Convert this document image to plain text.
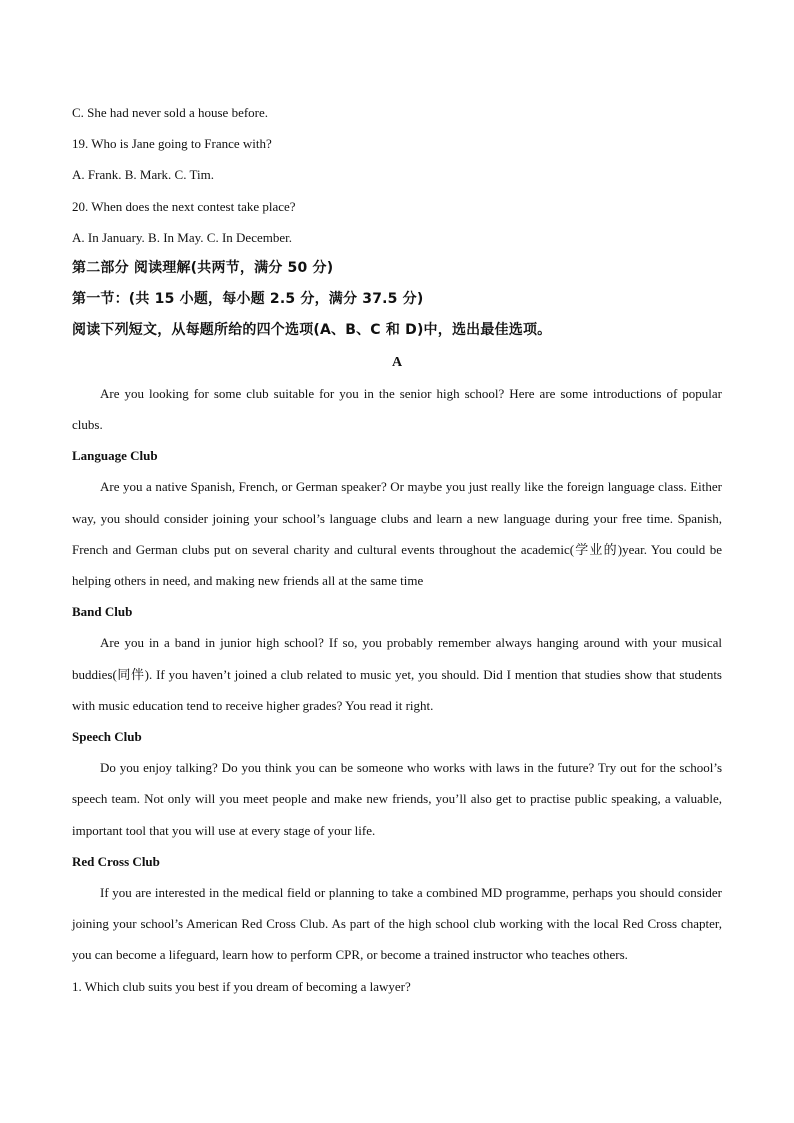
C. She had never sold a house before.

19. Who is Jane going to France with?

A. Frank. B. Mark. C. Tim.

20. When does the next contest take place?

A. In January. B. In May. C. In December.

第二部分 阅读理解(共两节，满分 50 分)

第一节：(共 15 小题，每小题 2.5 分，满分 37.5 分)

阅读下列短文，从每题所给的四个选项(A、B、C 和 D)中，选出最佳选项。

A

Are you looking for some club suitable for you in the senior high school? Here are some introductions of popular clubs.

Language Club

Are you a native Spanish, French, or German speaker? Or maybe you just really like the foreign language class. Either way, you should consider joining your school’s language clubs and learn a new language during your free time. Spanish, French and German clubs put on several charity and cultural events throughout the academic(学业的)year. You could be helping others in need, and making new friends all at the same time

Band Club

Are you in a band in junior high school? If so, you probably remember always hanging around with your musical buddies(同伴). If you haven’t joined a club related to music yet, you should. Did I mention that studies show that students with music education tend to receive higher grades? You read it right.

Speech Club

Do you enjoy talking? Do you think you can be someone who works with laws in the future? Try out for the school’s speech team. Not only will you meet people and make new friends, you’ll also get to practise public speaking, a valuable, important tool that you will use at every stage of your life.

Red Cross Club

If you are interested in the medical field or planning to take a combined MD programme, perhaps you should consider joining your school’s American Red Cross Club. As part of the high school club working with the local Red Cross chapter, you can become a lifeguard, learn how to perform CPR, or become a trained instructor who teaches others.

1. Which club suits you best if you dream of becoming a lawyer?
